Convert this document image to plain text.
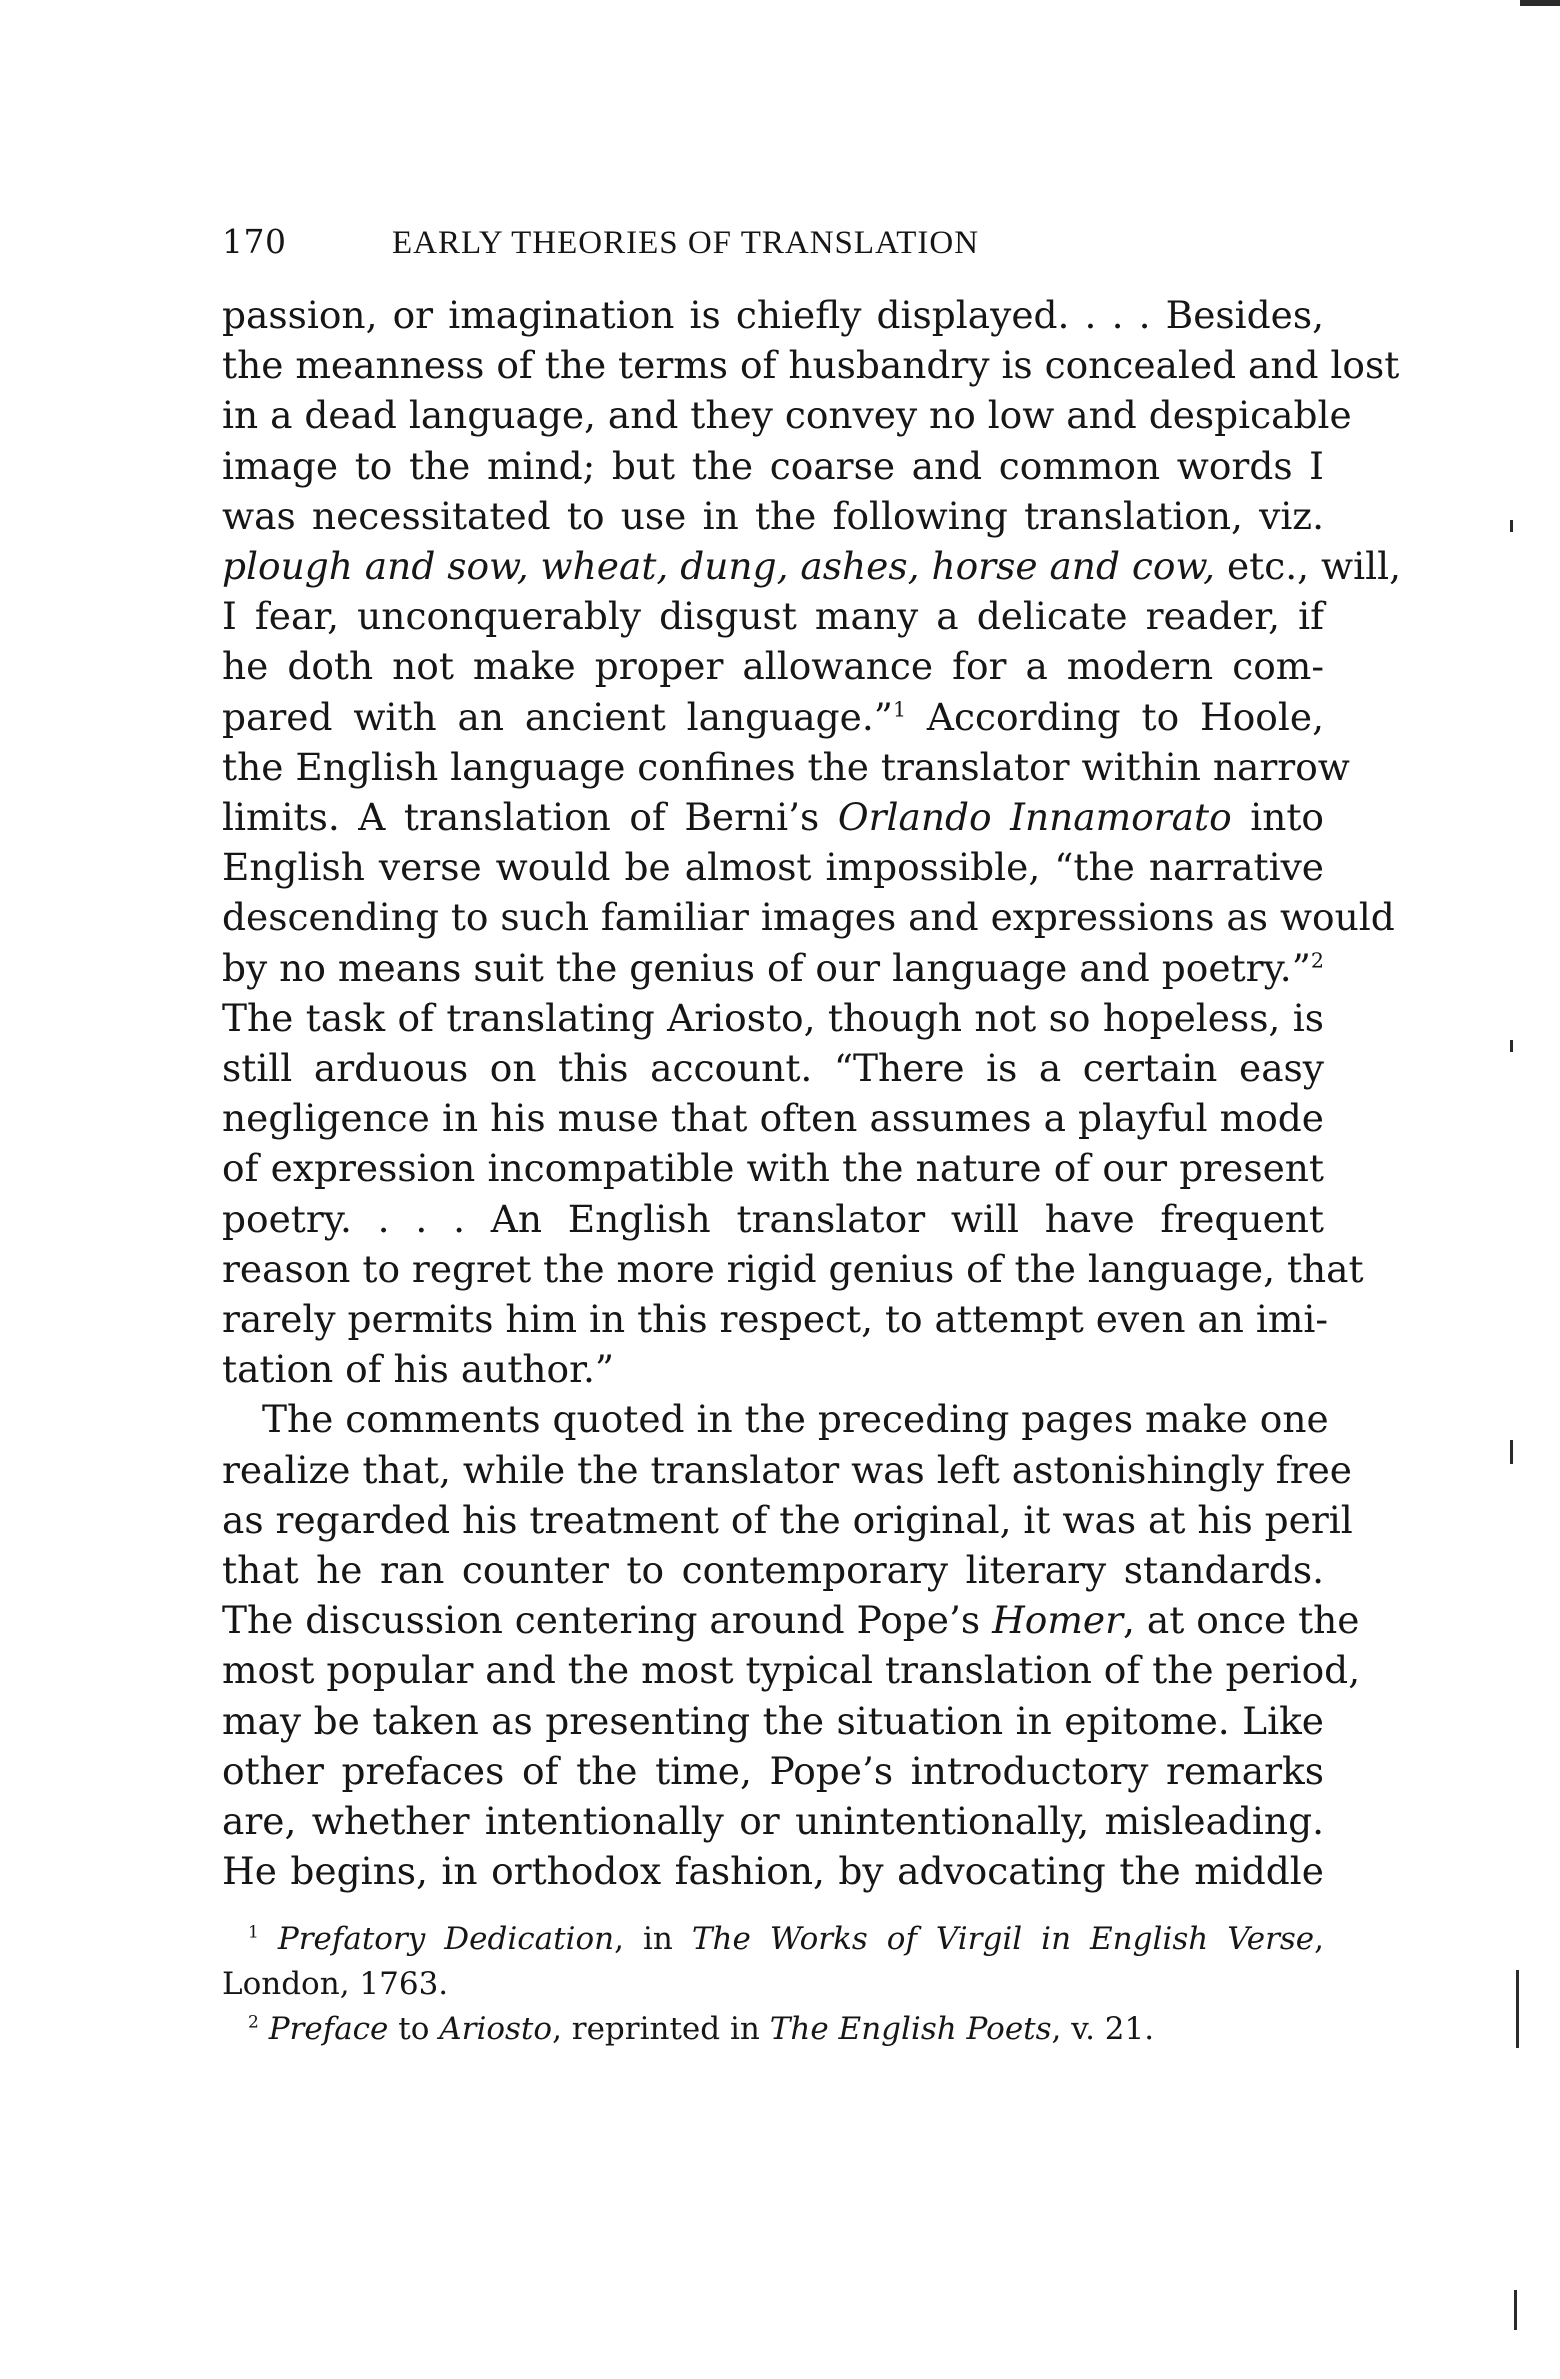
170	EARLY THEORIES OF TRANSLATION
passion, or imagination is chiefly displayed. . . . Besides,
the meanness of the terms of husbandry is concealed and lost
in a dead language, and they convey no low and despicable
image to the mind; but the coarse and common words I
was necessitated to use in the following translation, viz.
plough and sow, wheat, dung, ashes, horse and cow, etc., will,
I fear, unconquerably disgust many a delicate reader, if
he doth not make proper allowance for a modern com-
pared with an ancient language.”$^1$ According to Hoole,
the English language confines the translator within narrow
limits. A translation of Berni’s Orlando Innamorato into
English verse would be almost impossible, “the narrative
descending to such familiar images and expressions as would
by no means suit the genius of our language and poetry.”$^2$
The task of translating Ariosto, though not so hopeless, is
still arduous on this account. “There is a certain easy
negligence in his muse that often assumes a playful mode
of expression incompatible with the nature of our present
poetry. . . . An English translator will have frequent
reason to regret the more rigid genius of the language, that
rarely permits him in this respect, to attempt even an imi-
tation of his author.”
The comments quoted in the preceding pages make one
realize that, while the translator was left astonishingly free
as regarded his treatment of the original, it was at his peril
that he ran counter to contemporary literary standards.
The discussion centering around Pope’s Homer, at once the
most popular and the most typical translation of the period,
may be taken as presenting the situation in epitome. Like
other prefaces of the time, Pope’s introductory remarks
are, whether intentionally or unintentionally, misleading.
He begins, in orthodox fashion, by advocating the middle
$^1$ Prefatory Dedication, in The Works of Virgil in English Verse,
London, 1763.
$^2$ Preface to Ariosto, reprinted in The English Poets, v. 21.
